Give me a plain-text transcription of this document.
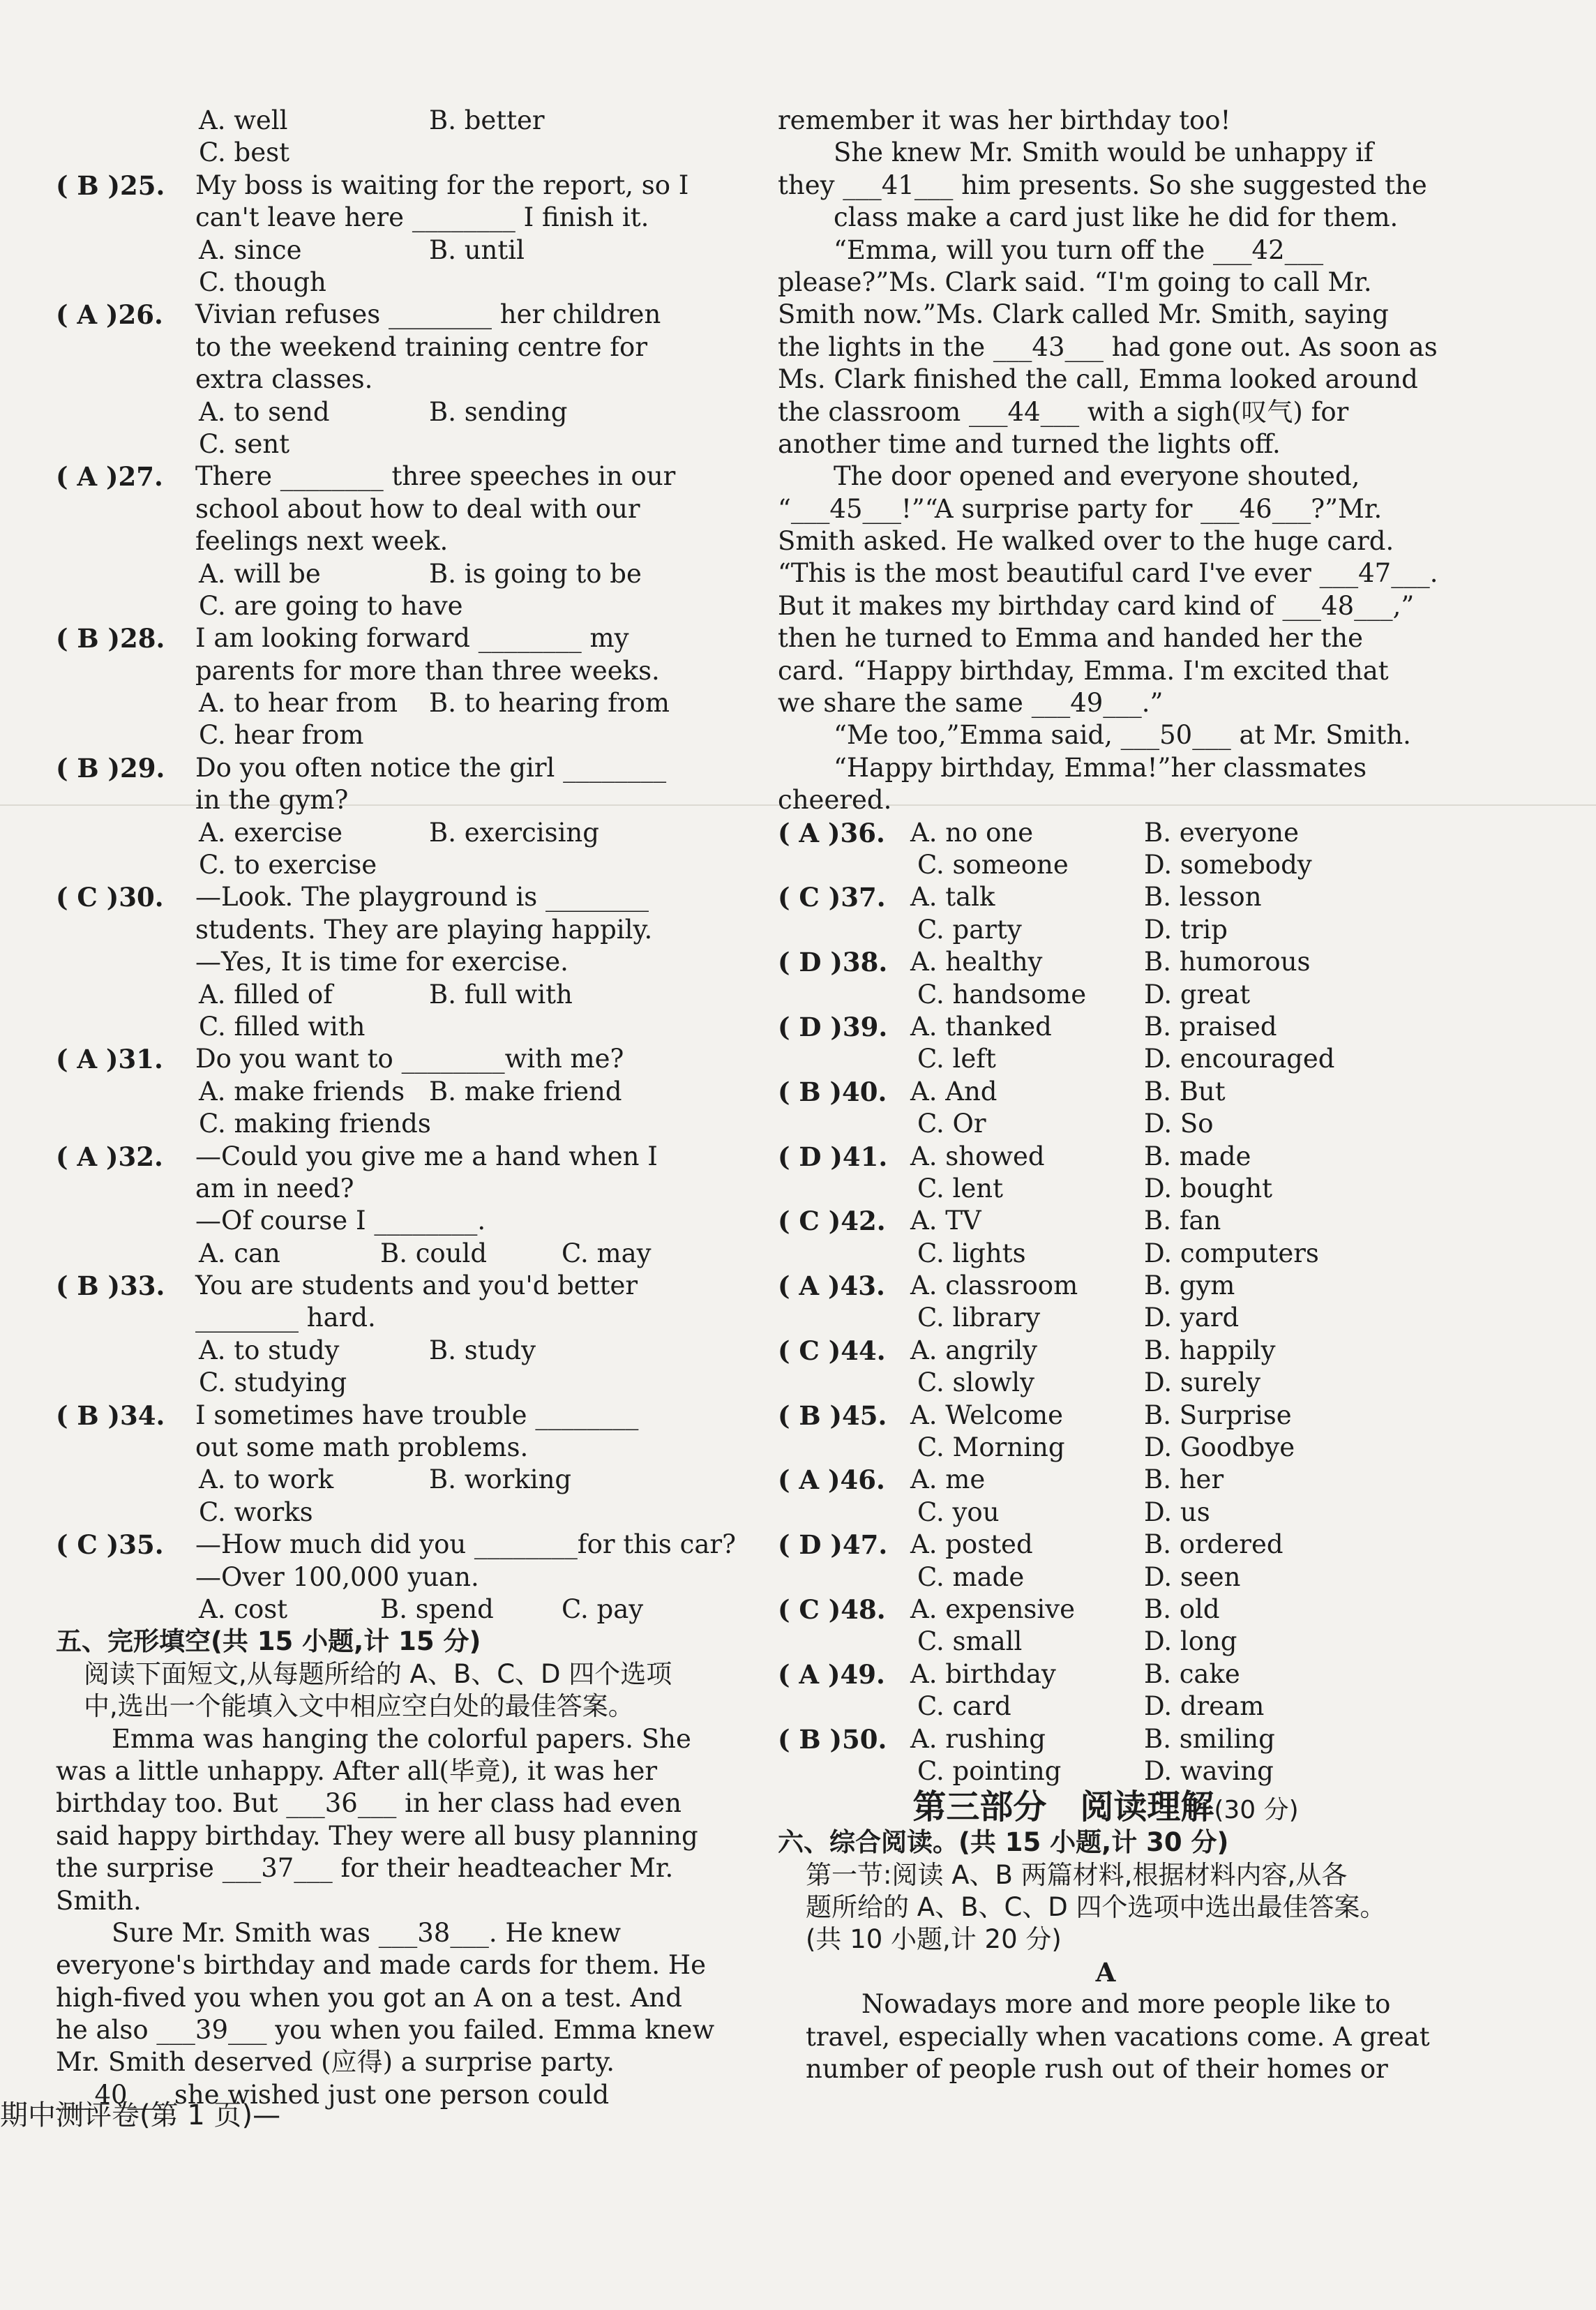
A. well	B. better
C. best
( B )25.	My boss is waiting for the report, so I
can't leave here ________ I finish it.
A. since	B. until
C. though
( A )26.	Vivian refuses ________ her children
to the weekend training centre for
extra classes.
A. to send	B. sending
C. sent
( A )27.	There ________ three speeches in our
school about how to deal with our
feelings next week.
A. will be	B. is going to be
C. are going to have
( B )28.	I am looking forward ________ my
parents for more than three weeks.
A. to hear from	B. to hearing from
C. hear from
( B )29.	Do you often notice the girl ________
in the gym?
A. exercise	B. exercising
C. to exercise
( C )30.	—Look. The playground is ________
students. They are playing happily.
—Yes, It is time for exercise.
A. filled of	B. full with
C. filled with
( A )31.	Do you want to ________with me?
A. make friends B. make friend
C. making friends
( A )32.	—Could you give me a hand when I
am in need?
—Of course I ________.
A. can	B. could	C. may
( B )33.	You are students and you'd better
________ hard.
A. to study	B. study
C. studying
( B )34.	I sometimes have trouble ________
out some math problems.
A. to work	B. working
C. works
( C )35.	—How much did you ________for this car?
—Over 100,000 yuan.
A. cost	B. spend	C. pay
五、完形填空(共 15 小题,计 15 分)
阅读下面短文,从每题所给的 A、B、C、D 四个选项
中,选出一个能填入文中相应空白处的最佳答案。
Emma was hanging the colorful papers. She
was a little unhappy. After all(毕竟), it was her
birthday too. But ___36___ in her class had even
said happy birthday. They were all busy planning
the surprise ___37___ for their headteacher Mr.
Smith.
Sure Mr. Smith was ___38___. He knew
everyone's birthday and made cards for them. He
high-fived you when you got an A on a test. And
he also ___39___ you when you failed. Emma knew
Mr. Smith deserved (应得) a surprise party.
___40___ she wished just one person could
remember it was her birthday too!
She knew Mr. Smith would be unhappy if
they ___41___ him presents. So she suggested the
class make a card just like he did for them.
“Emma, will you turn off the ___42___
please?”Ms. Clark said. “I'm going to call Mr.
Smith now.”Ms. Clark called Mr. Smith, saying
the lights in the ___43___ had gone out. As soon as
Ms. Clark finished the call, Emma looked around
the classroom ___44___ with a sigh(叹气) for
another time and turned the lights off.
The door opened and everyone shouted,
“___45___!”“A surprise party for ___46___?”Mr.
Smith asked. He walked over to the huge card.
“This is the most beautiful card I've ever ___47___.
But it makes my birthday card kind of ___48___,”
then he turned to Emma and handed her the
card. “Happy birthday, Emma. I'm excited that
we share the same ___49___.”
“Me too,”Emma said, ___50___ at Mr. Smith.
“Happy birthday, Emma!”her classmates
cheered.
( A )36. A. no one	B. everyone
C. someone	D. somebody
( C )37. A. talk	B. lesson
C. party	D. trip
( D )38. A. healthy	B. humorous
C. handsome	D. great
( D )39. A. thanked	B. praised
C. left	D. encouraged
( B )40. A. And	B. But
C. Or	D. So
( D )41. A. showed	B. made
C. lent	D. bought
( C )42. A. TV	B. fan
C. lights	D. computers
( A )43. A. classroom	B. gym
C. library	D. yard
( C )44. A. angrily	B. happily
C. slowly	D. surely
( B )45. A. Welcome	B. Surprise
C. Morning	D. Goodbye
( A )46. A. me	B. her
C. you	D. us
( D )47. A. posted	B. ordered
C. made	D. seen
( C )48. A. expensive	B. old
C. small	D. long
( A )49. A. birthday	B. cake
C. card	D. dream
( B )50. A. rushing	B. smiling
C. pointing	D. waving
第三部分　阅读理解(30 分)
六、综合阅读。(共 15 小题,计 30 分)
第一节:阅读 A、B 两篇材料,根据材料内容,从各
题所给的 A、B、C、D 四个选项中选出最佳答案。
(共 10 小题,计 20 分)
A
Nowadays more and more people like to
travel, especially when vacations come. A great
number of people rush out of their homes or
期中测评卷(第 1 页)—
